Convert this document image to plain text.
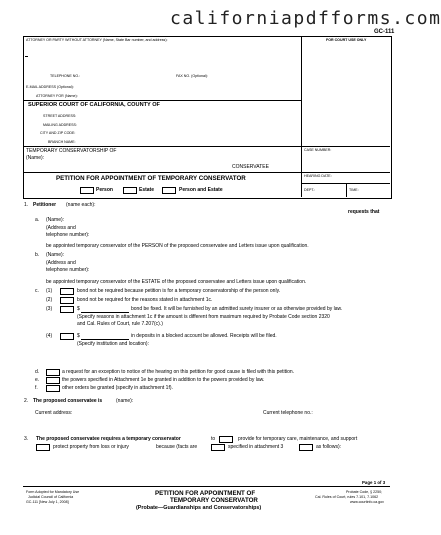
californiapdfforms.com
GC-111
ATTORNEY OR PARTY WITHOUT ATTORNEY (Name, State Bar number, and address):	FOR COURT USE ONLY
TELEPHONE NO.:	FAX NO. (Optional):
E-MAIL ADDRESS (Optional):
ATTORNEY FOR (Name):
SUPERIOR COURT OF CALIFORNIA, COUNTY OF
STREET ADDRESS:
MAILING ADDRESS:
CITY AND ZIP CODE:
BRANCH NAME:
TEMPORARY CONSERVATORSHIP OF
(Name):
CONSERVATEE
CASE NUMBER:
PETITION FOR APPOINTMENT OF TEMPORARY CONSERVATOR	HEARING DATE:
Person	Estate	Person and Estate	DEPT.:	TIME:
1. Petitioner (name each):
requests that
a. (Name):
(Address and
telephone number):
be appointed temporary conservator of the PERSON of the proposed conservatee and Letters issue upon qualification.
b. (Name):
(Address and
telephone number):
be appointed temporary conservator of the ESTATE of the proposed conservatee and Letters issue upon qualification.
c. (1)	bond not be required because petition is for a temporary conservatorship of the person only.
(2)	bond not be required for the reasons stated in attachment 1c.
(3)	$	bond be fixed. It will be furnished by an admitted surety insurer or as otherwise provided by law.
(Specify reasons in attachment 1c if the amount is different from maximum required by Probate Code section 2320
and Cal. Rules of Court, rule 7.207(c).)
(4)	$	in deposits in a blocked account be allowed. Receipts will be filed.
(Specify institution and location):
d.	a request for an exception to notice of the hearing on this petition for good cause is filed with this petition.
e.	the powers specified in Attachment 1e be granted in addition to the powers provided by law.
f.	other orders be granted (specify in attachment 1f).
2. The proposed conservatee is	(name):
Current address:	Current telephone no.:
3. The proposed conservatee requires a temporary conservator	to	provide for temporary care, maintenance, and support
protect property from loss or injury	because (facts are	specified in attachment 3	as follows):
Page 1 of 3
Form Adopted for Mandatory Use
Judicial Council of California
GC-111 [New July 1, 2008]
PETITION FOR APPOINTMENT OF
TEMPORARY CONSERVATOR
(Probate—Guardianships and Conservatorships)
Probate Code, § 2250;
Cal. Rules of Court, rules 7.101, 7.1062
www.courtinfo.ca.gov
